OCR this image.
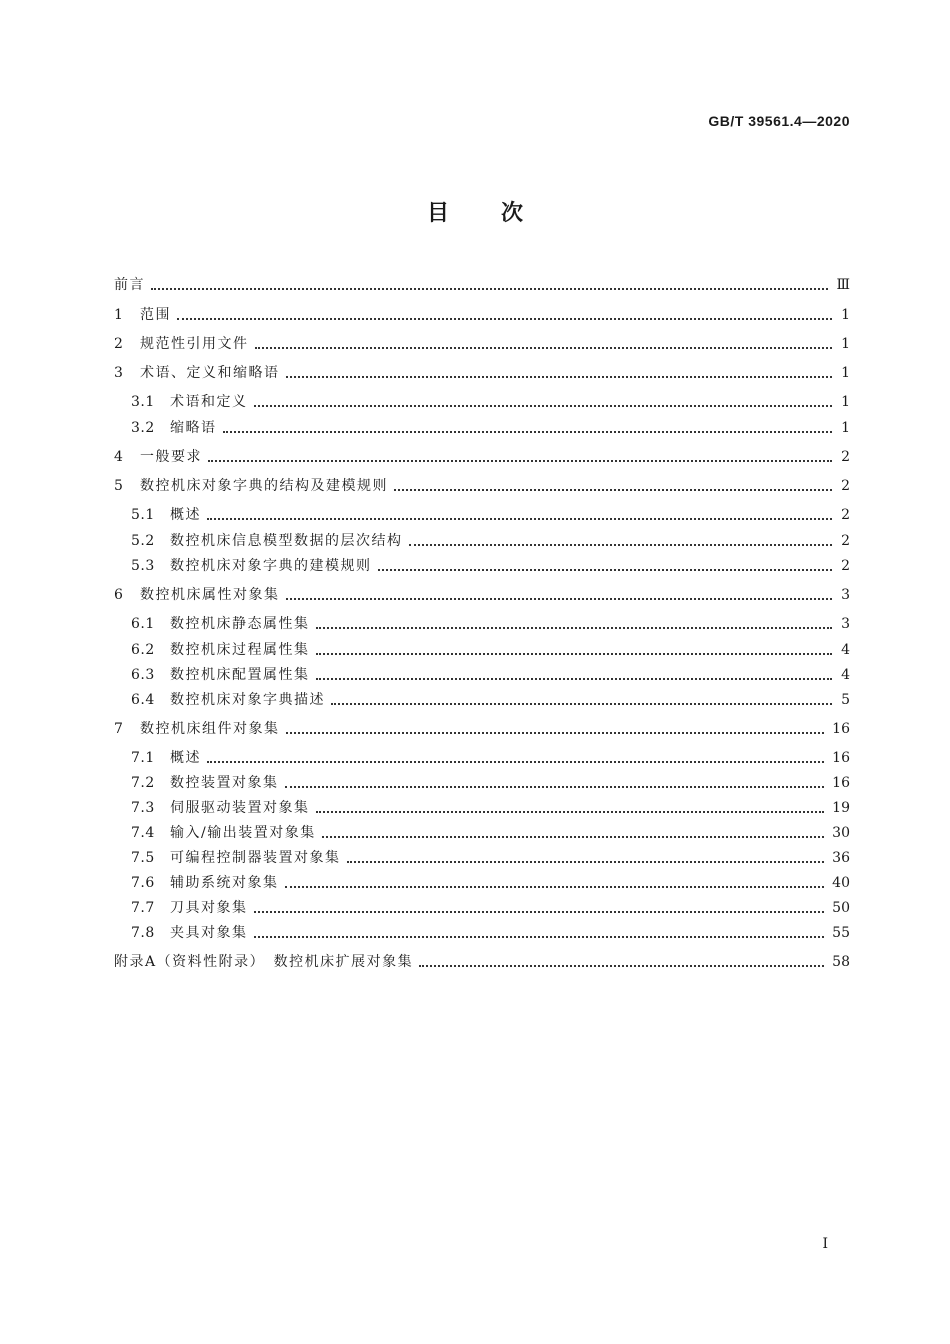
GB/T 39561.4—2020
目次
前言	Ⅲ
1	范围	1
2	规范性引用文件	1
3	术语、定义和缩略语	1
3.1	术语和定义	1
3.2	缩略语	1
4	一般要求	2
5	数控机床对象字典的结构及建模规则	2
5.1	概述	2
5.2	数控机床信息模型数据的层次结构	2
5.3	数控机床对象字典的建模规则	2
6	数控机床属性对象集	3
6.1	数控机床静态属性集	3
6.2	数控机床过程属性集	4
6.3	数控机床配置属性集	4
6.4	数控机床对象字典描述	5
7	数控机床组件对象集	16
7.1	概述	16
7.2	数控装置对象集	16
7.3	伺服驱动装置对象集	19
7.4	输入/输出装置对象集	30
7.5	可编程控制器装置对象集	36
7.6	辅助系统对象集	40
7.7	刀具对象集	50
7.8	夹具对象集	55
附录A（资料性附录）　数控机床扩展对象集	58
I
